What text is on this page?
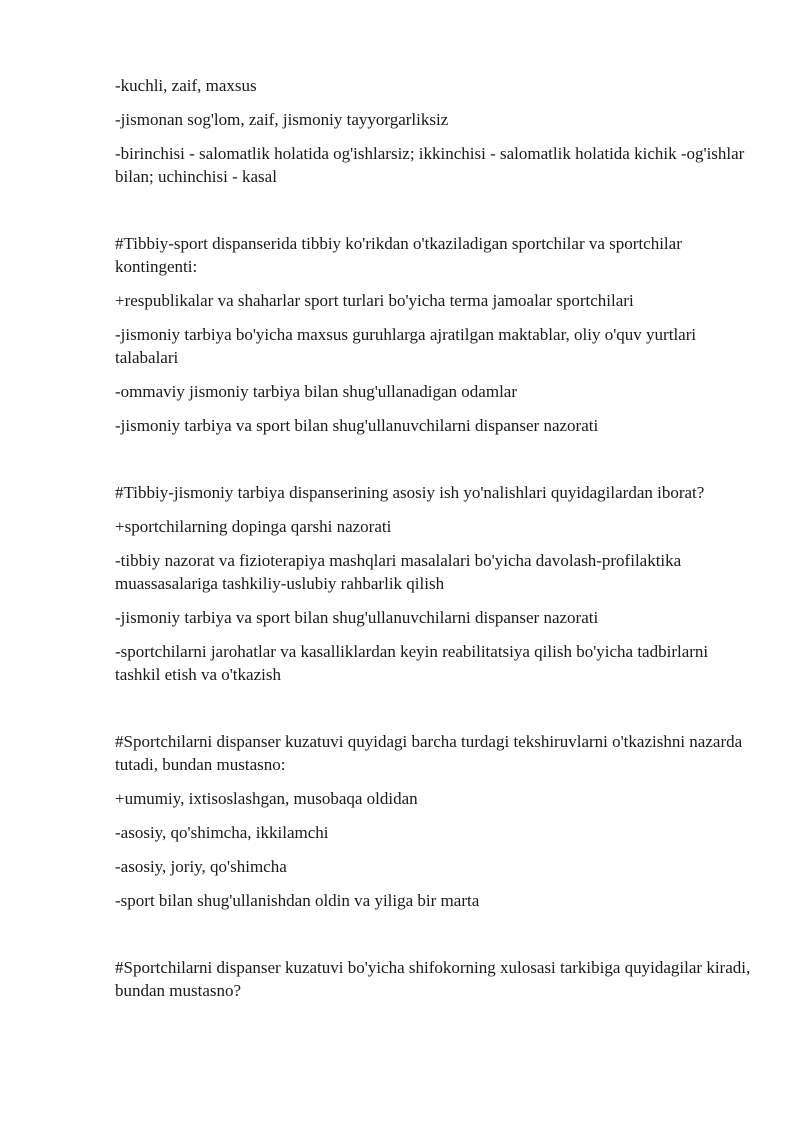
-kuchli, zaif, maxsus

-jismonan sog'lom, zaif, jismoniy tayyorgarliksiz

-birinchisi - salomatlik holatida og'ishlarsiz; ikkinchisi - salomatlik holatida kichik -og'ishlar bilan; uchinchisi - kasal

#Tibbiy-sport dispanserida tibbiy ko'rikdan o'tkaziladigan sportchilar va sportchilar kontingenti:

+respublikalar va shaharlar sport turlari bo'yicha terma jamoalar sportchilari

-jismoniy tarbiya bo'yicha maxsus guruhlarga ajratilgan maktablar, oliy o'quv yurtlari talabalari

-ommaviy jismoniy tarbiya bilan shug'ullanadigan odamlar

-jismoniy tarbiya va sport bilan shug'ullanuvchilarni dispanser nazorati

#Tibbiy-jismoniy tarbiya dispanserining asosiy ish yo'nalishlari quyidagilardan iborat?

+sportchilarning dopinga qarshi nazorati

-tibbiy nazorat va fizioterapiya mashqlari masalalari bo'yicha davolash-profilaktika muassasalariga tashkiliy-uslubiy rahbarlik qilish

-jismoniy tarbiya va sport bilan shug'ullanuvchilarni dispanser nazorati

-sportchilarni jarohatlar va kasalliklardan keyin reabilitatsiya qilish bo'yicha tadbirlarni tashkil etish va o'tkazish

#Sportchilarni dispanser kuzatuvi quyidagi barcha turdagi tekshiruvlarni o'tkazishni nazarda tutadi, bundan mustasno:

+umumiy, ixtisoslashgan, musobaqa oldidan

-asosiy, qo'shimcha, ikkilamchi

-asosiy, joriy, qo'shimcha

-sport bilan shug'ullanishdan oldin va yiliga bir marta

#Sportchilarni dispanser kuzatuvi bo'yicha shifokorning xulosasi tarkibiga quyidagilar kiradi, bundan mustasno?
